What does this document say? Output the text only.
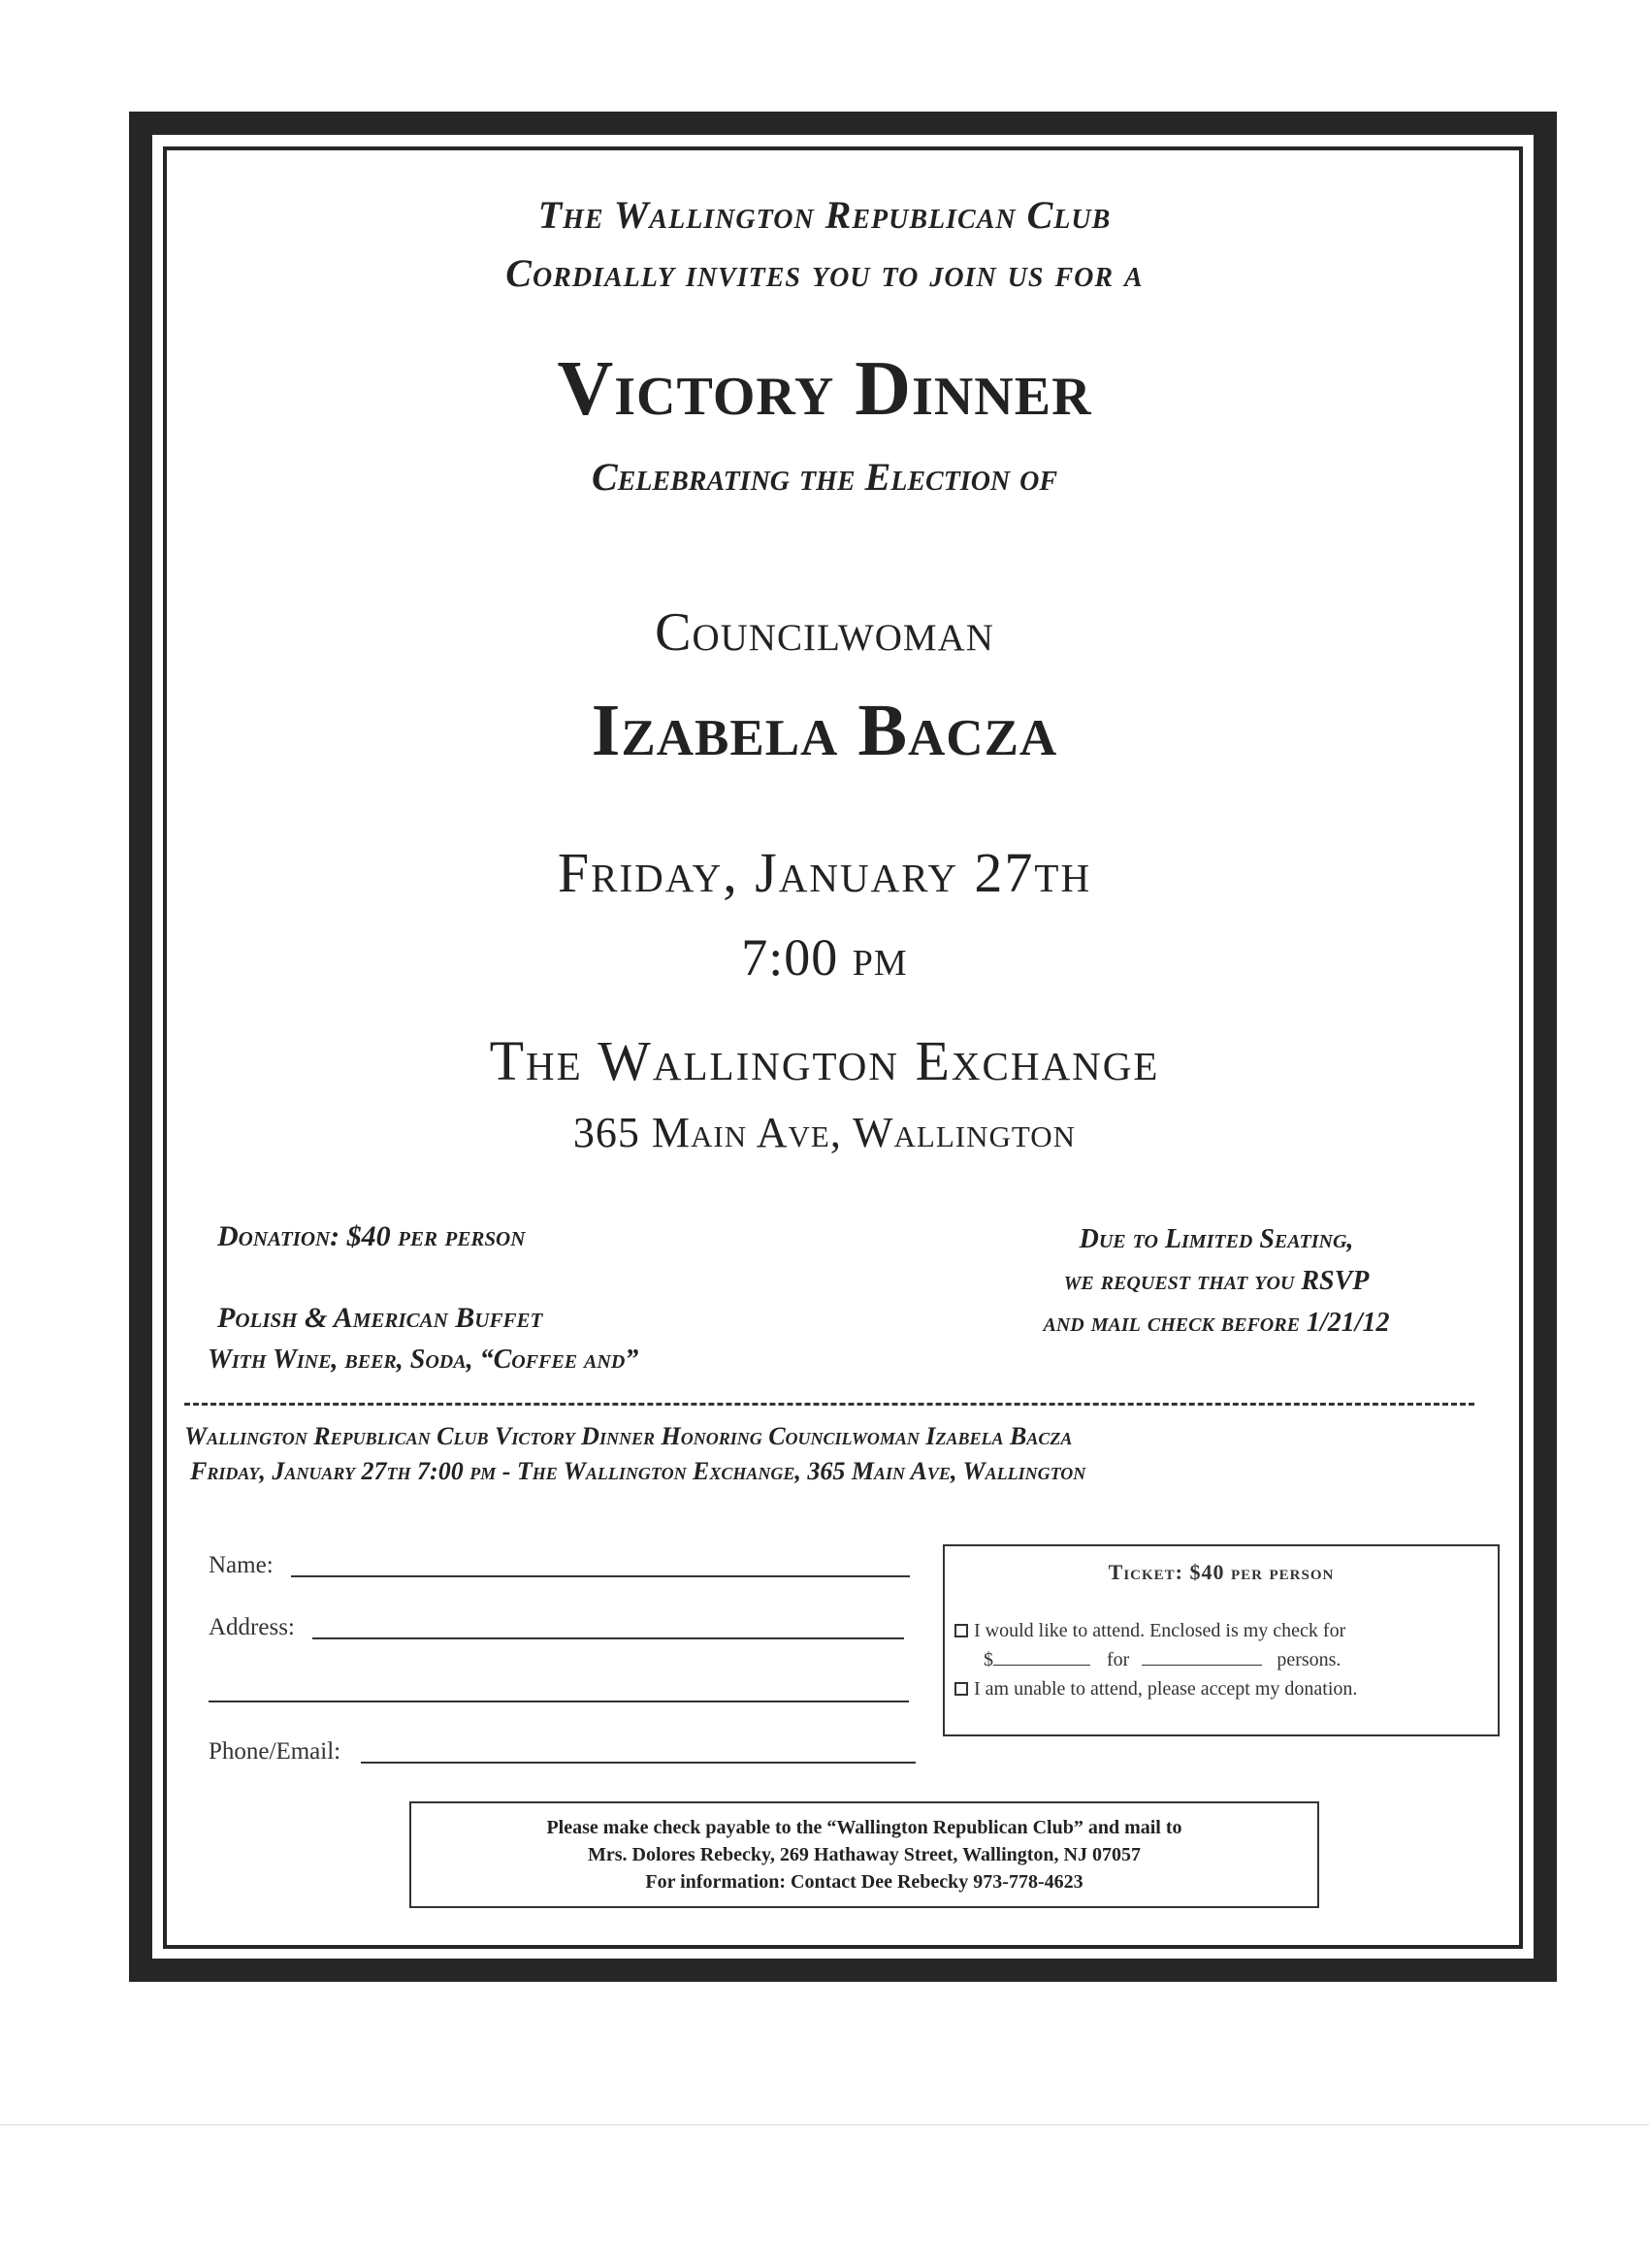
The Wallington Republican Club
Cordially invites you to join us for a
Victory Dinner
Celebrating the Election of
Councilwoman
Izabela Bacza
Friday, January 27th
7:00 pm
The Wallington Exchange
365 Main Ave, Wallington
Donation: $40 per person
Polish & American Buffet
With Wine, beer, Soda, “Coffee and”
Due to Limited Seating,
we request that you RSVP
and mail check before 1/21/12
Wallington Republican Club Victory Dinner Honoring Councilwoman Izabela Bacza
Friday, January 27th 7:00 pm - The Wallington Exchange, 365 Main Ave, Wallington
Name:
Address:
Phone/Email:
Ticket: $40 per person
I would like to attend. Enclosed is my check for
$	for	persons.
I am unable to attend, please accept my donation.
Please make check payable to the “Wallington Republican Club” and mail to
Mrs. Dolores Rebecky, 269 Hathaway Street, Wallington, NJ 07057
For information: Contact Dee Rebecky 973-778-4623
